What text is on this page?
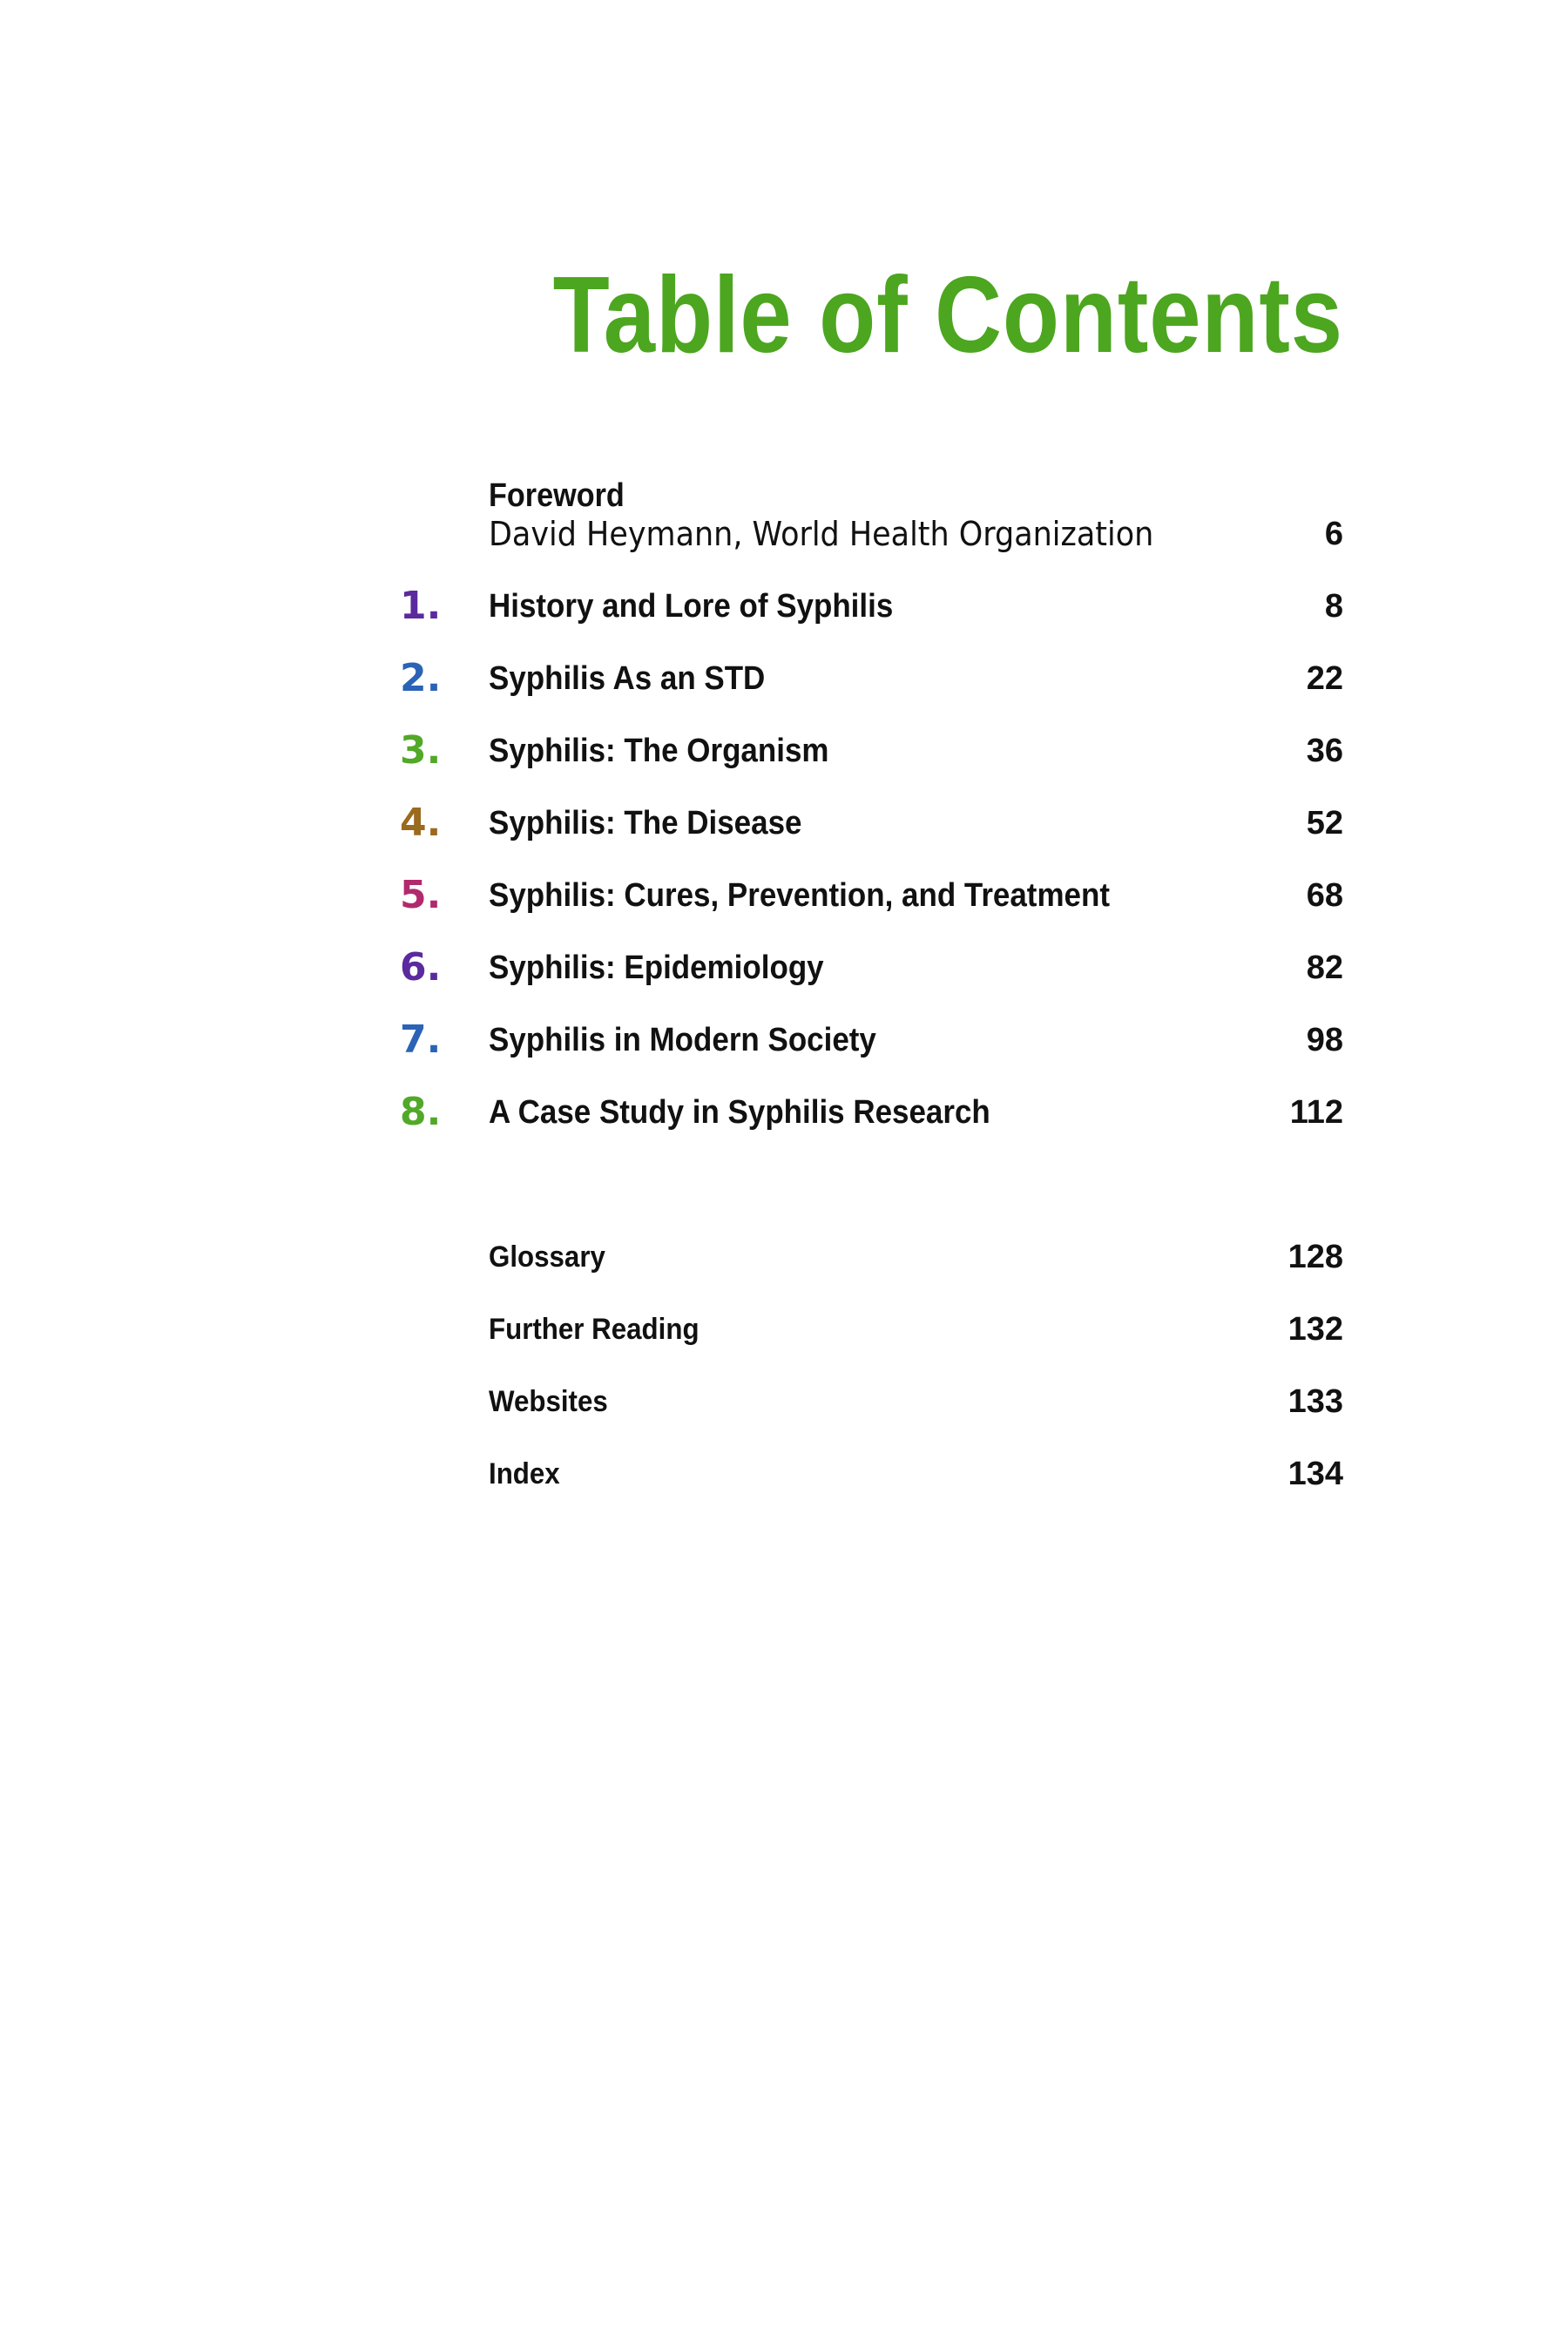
Table of Contents
Foreword
David Heymann, World Health Organization	6
1. History and Lore of Syphilis	8
2. Syphilis As an STD	22
3. Syphilis: The Organism	36
4. Syphilis: The Disease	52
5. Syphilis: Cures, Prevention, and Treatment	68
6. Syphilis: Epidemiology	82
7. Syphilis in Modern Society	98
8. A Case Study in Syphilis Research	112
Glossary	128
Further Reading	132
Websites	133
Index	134
